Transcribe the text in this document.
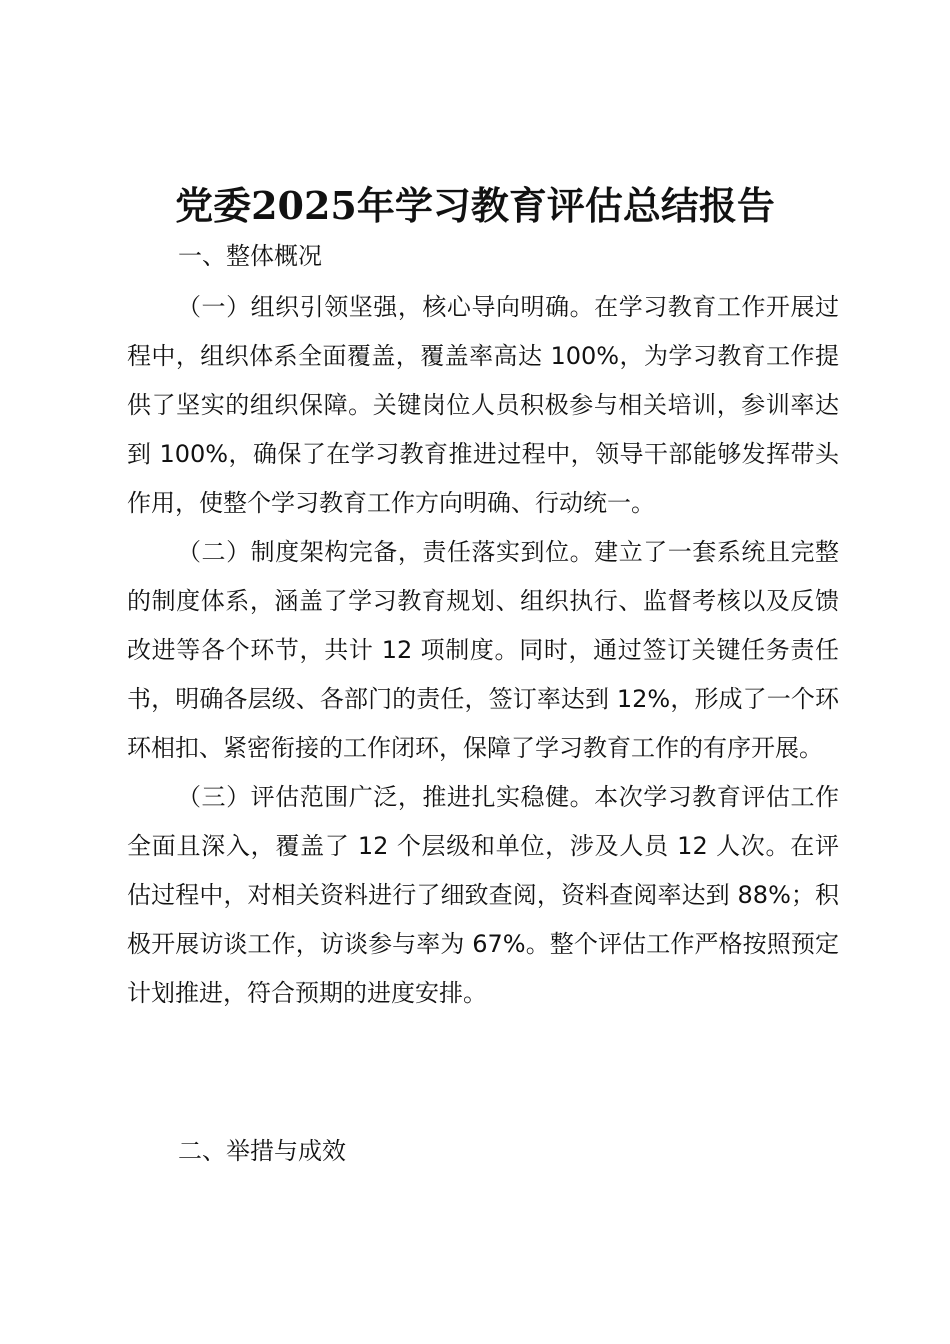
党委2025年学习教育评估总结报告
一、整体概况

（一）组织引领坚强，核心导向明确。在学习教育工作开展过程中，组织体系全面覆盖，覆盖率高达 100%，为学习教育工作提供了坚实的组织保障。关键岗位人员积极参与相关培训，参训率达到 100%，确保了在学习教育推进过程中，领导干部能够发挥带头作用，使整个学习教育工作方向明确、行动统一。

（二）制度架构完备，责任落实到位。建立了一套系统且完整的制度体系，涵盖了学习教育规划、组织执行、监督考核以及反馈改进等各个环节，共计 12 项制度。同时，通过签订关键任务责任书，明确各层级、各部门的责任，签订率达到 12%，形成了一个环环相扣、紧密衔接的工作闭环，保障了学习教育工作的有序开展。

（三）评估范围广泛，推进扎实稳健。本次学习教育评估工作全面且深入，覆盖了 12 个层级和单位，涉及人员 12 人次。在评估过程中，对相关资料进行了细致查阅，资料查阅率达到 88%；积极开展访谈工作，访谈参与率为 67%。整个评估工作严格按照预定计划推进，符合预期的进度安排。

二、举措与成效
